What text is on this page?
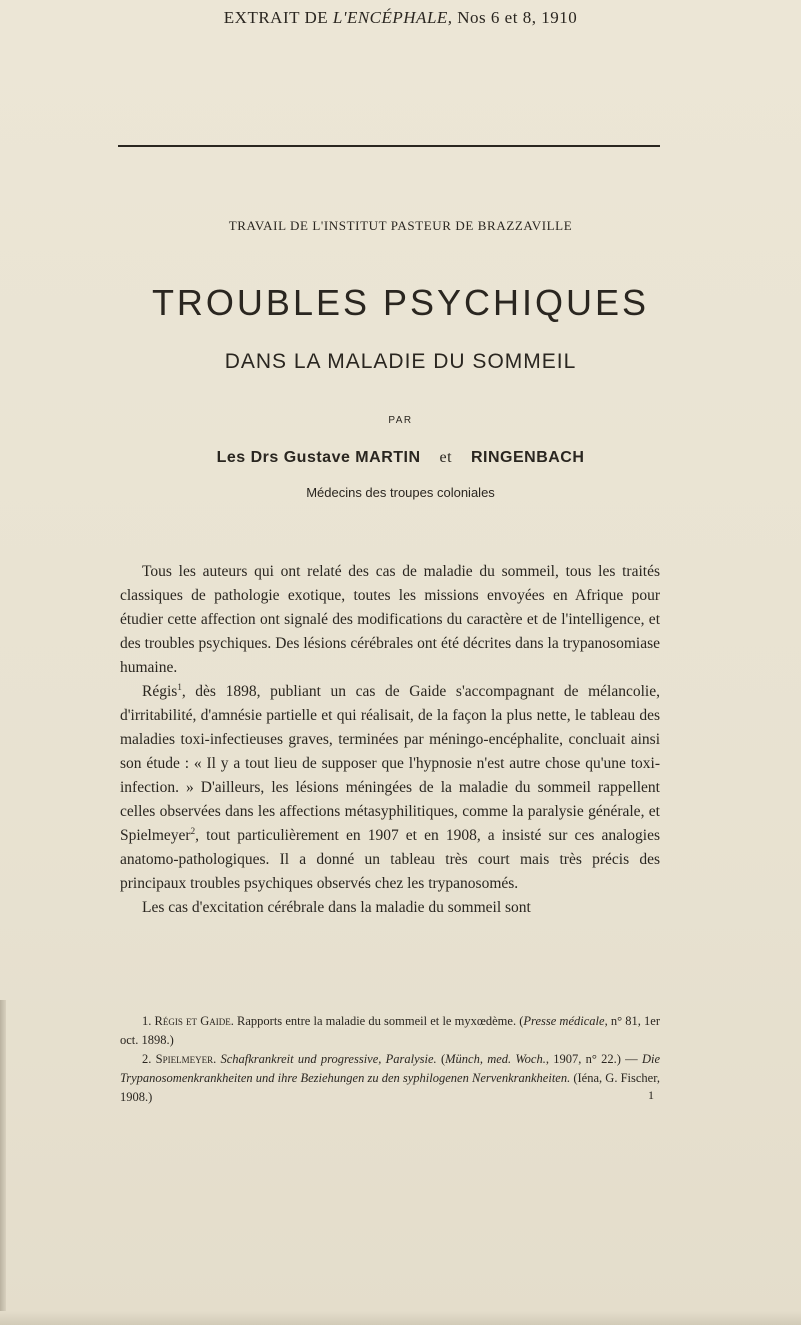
EXTRAIT DE L'ENCÉPHALE, Nos 6 et 8, 1910
TRAVAIL DE L'INSTITUT PASTEUR DE BRAZZAVILLE
TROUBLES PSYCHIQUES
DANS LA MALADIE DU SOMMEIL
PAR
Les Drs Gustave MARTIN et RINGENBACH
Médecins des troupes coloniales

Tous les auteurs qui ont relaté des cas de maladie du sommeil, tous les traités classiques de pathologie exotique, toutes les missions envoyées en Afrique pour étudier cette affection ont signalé des modifications du caractère et de l'intelligence, et des troubles psychiques. Des lésions cérébrales ont été décrites dans la trypanosomiase humaine.

Régis$^1$, dès 1898, publiant un cas de Gaide s'accompagnant de mélancolie, d'irritabilité, d'amnésie partielle et qui réalisait, de la façon la plus nette, le tableau des maladies toxi-infectieuses graves, terminées par méningo-encéphalite, concluait ainsi son étude : « Il y a tout lieu de supposer que l'hypnosie n'est autre chose qu'une toxi-infection. » D'ailleurs, les lésions méningées de la maladie du sommeil rappellent celles observées dans les affections métasyphilitiques, comme la paralysie générale, et Spielmeyer$^2$, tout particulièrement en 1907 et en 1908, a insisté sur ces analogies anatomo-pathologiques. Il a donné un tableau très court mais très précis des principaux troubles psychiques observés chez les trypanosomés.

Les cas d'excitation cérébrale dans la maladie du sommeil sont

1. Régis et Gaide. Rapports entre la maladie du sommeil et le myxœdème. (Presse médicale, n° 81, 1er oct. 1898.)

2. Spielmeyer. Schafkrankreit und progressive, Paralysie. (Münch, med. Woch., 1907, n° 22.) — Die Trypanosomenkrankheiten und ihre Beziehungen zu den syphilogenen Nervenkrankheiten. (Iéna, G. Fischer, 1908.)	1
